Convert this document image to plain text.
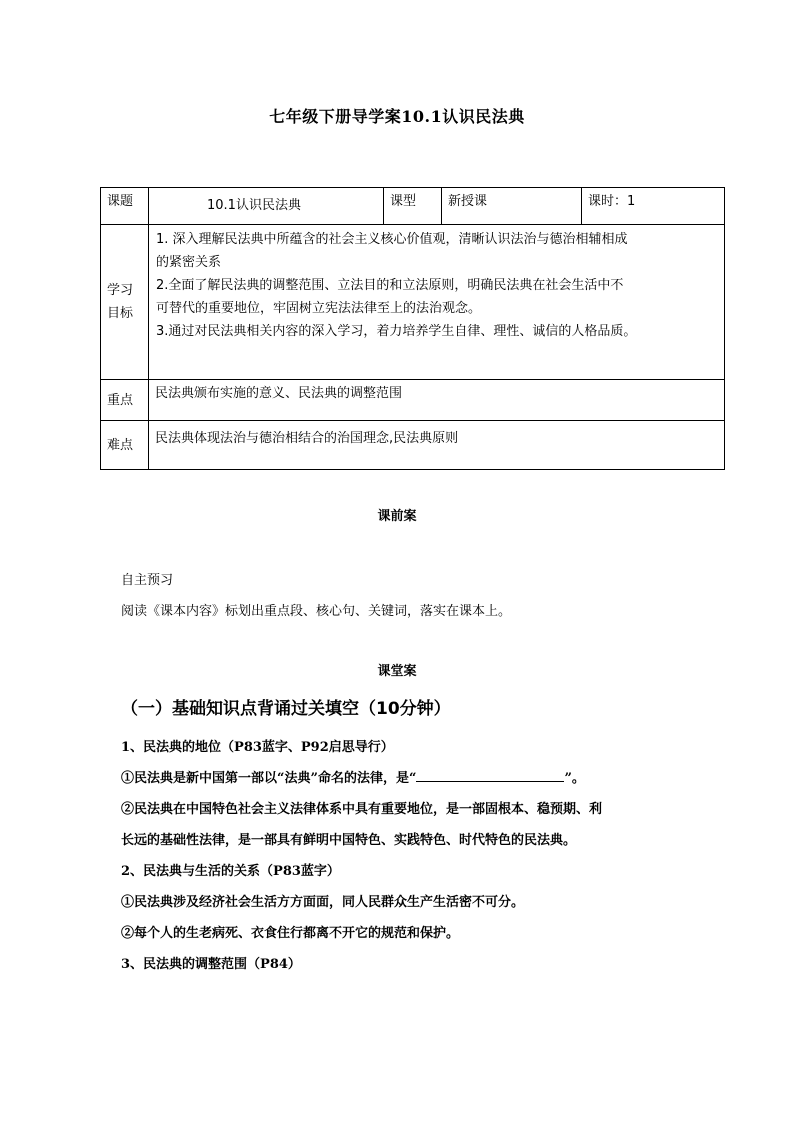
七年级下册导学案10.1认识民法典
课题	10.1认识民法典	课型	新授课	课时：1

学习
目标	1. 深入理解民法典中所蕴含的社会主义核心价值观，清晰认识法治与德治相辅相成
的紧密关系
2.全面了解民法典的调整范围、立法目的和立法原则，明确民法典在社会生活中不
可替代的重要地位，牢固树立宪法法律至上的法治观念。
3.通过对民法典相关内容的深入学习，着力培养学生自律、理性、诚信的人格品质。			

重点	民法典颁布实施的意义、民法典的调整范围			
难点	民法典体现法治与德治相结合的治国理念,民法典原则			
课前案
自主预习
阅读《课本内容》标划出重点段、核心句、关键词，落实在课本上。
课堂案
（一）基础知识点背诵过关填空（10分钟）
1、民法典的地位（P83蓝字、P92启思导行）
①民法典是新中国第一部以“法典”命名的法律，是“	”。
②民法典在中国特色社会主义法律体系中具有重要地位，是一部固根本、稳预期、利
长远的基础性法律，是一部具有鲜明中国特色、实践特色、时代特色的民法典。
2、民法典与生活的关系（P83蓝字）
①民法典涉及经济社会生活方方面面，同人民群众生产生活密不可分。
②每个人的生老病死、衣食住行都离不开它的规范和保护。
3、民法典的调整范围（P84）
